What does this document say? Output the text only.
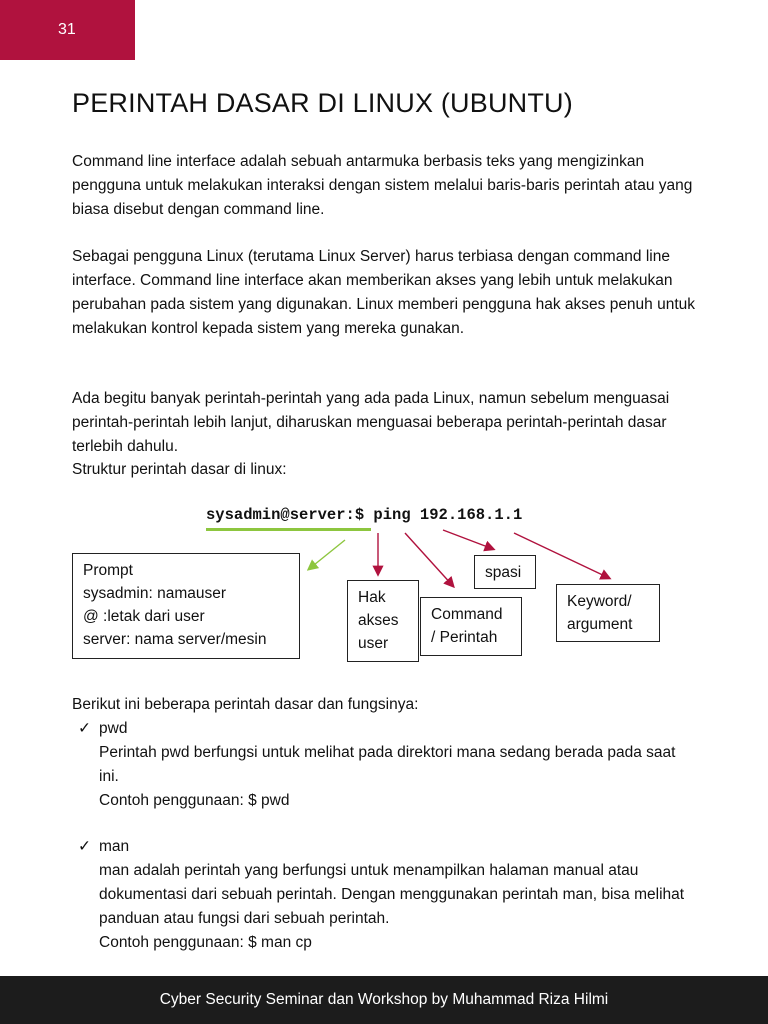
31
PERINTAH DASAR DI LINUX (UBUNTU)

Command line interface adalah sebuah antarmuka berbasis teks yang mengizinkan pengguna untuk melakukan interaksi dengan sistem melalui baris-baris perintah atau yang biasa disebut dengan command line.

Sebagai pengguna Linux (terutama Linux Server) harus terbiasa dengan command line interface. Command line interface akan memberikan akses yang lebih untuk melakukan perubahan pada sistem yang digunakan. Linux memberi pengguna hak akses penuh untuk melakukan kontrol kepada sistem yang mereka gunakan.

Ada begitu banyak perintah-perintah yang ada pada Linux, namun sebelum menguasai perintah-perintah lebih lanjut, diharuskan menguasai beberapa perintah-perintah dasar terlebih dahulu.

Struktur perintah dasar di linux:

sysadmin@server:$ ping 192.168.1.1
Prompt
sysadmin: namauser
@ :letak dari user
server: nama server/mesin
Hak
akses
user
Command
/ Perintah
spasi
Keyword/
argument

Berikut ini beberapa perintah dasar dan fungsinya:

✓ pwd
Perintah pwd berfungsi untuk melihat pada direktori mana sedang berada pada saat ini.
Contoh penggunaan: $ pwd
✓ man
man adalah perintah yang berfungsi untuk menampilkan halaman manual atau dokumentasi dari sebuah perintah. Dengan menggunakan perintah man, bisa melihat panduan atau fungsi dari sebuah perintah.
Contoh penggunaan: $ man cp
Cyber Security Seminar dan Workshop by Muhammad Riza Hilmi
